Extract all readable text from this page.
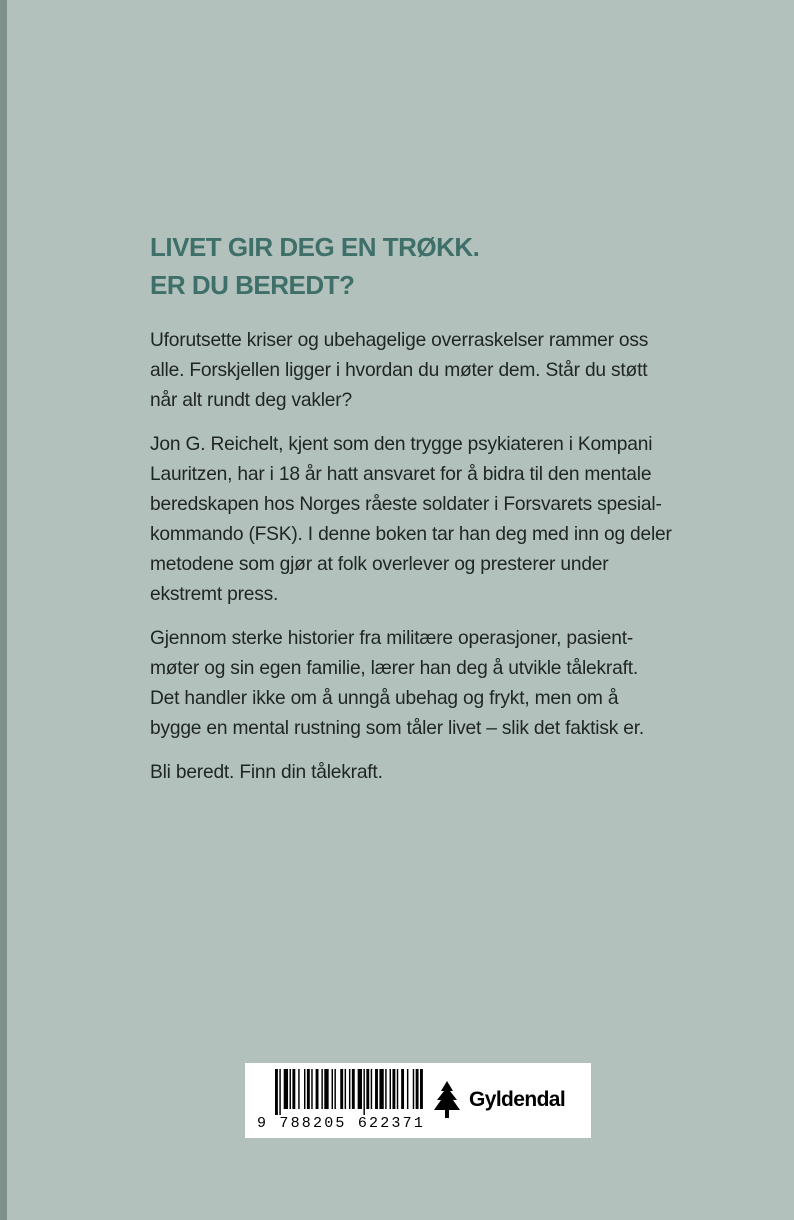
LIVET GIR DEG EN TRØKK.
ER DU BEREDT?

Uforutsette kriser og ubehagelige overraskelser rammer oss
alle. Forskjellen ligger i hvordan du møter dem. Står du støtt
når alt rundt deg vakler?

Jon G. Reichelt, kjent som den trygge psykiateren i Kompani
Lauritzen, har i 18 år hatt ansvaret for å bidra til den mentale
beredskapen hos Norges råeste soldater i Forsvarets spesial-
kommando (FSK). I denne boken tar han deg med inn og deler
metodene som gjør at folk overlever og presterer under
ekstremt press.

Gjennom sterke historier fra militære operasjoner, pasient-
møter og sin egen familie, lærer han deg å utvikle tålekraft.
Det handler ikke om å unngå ubehag og frykt, men om å
bygge en mental rustning som tåler livet – slik det faktisk er.

Bli beredt. Finn din tålekraft.

9 788205 622371
Gyldendal
